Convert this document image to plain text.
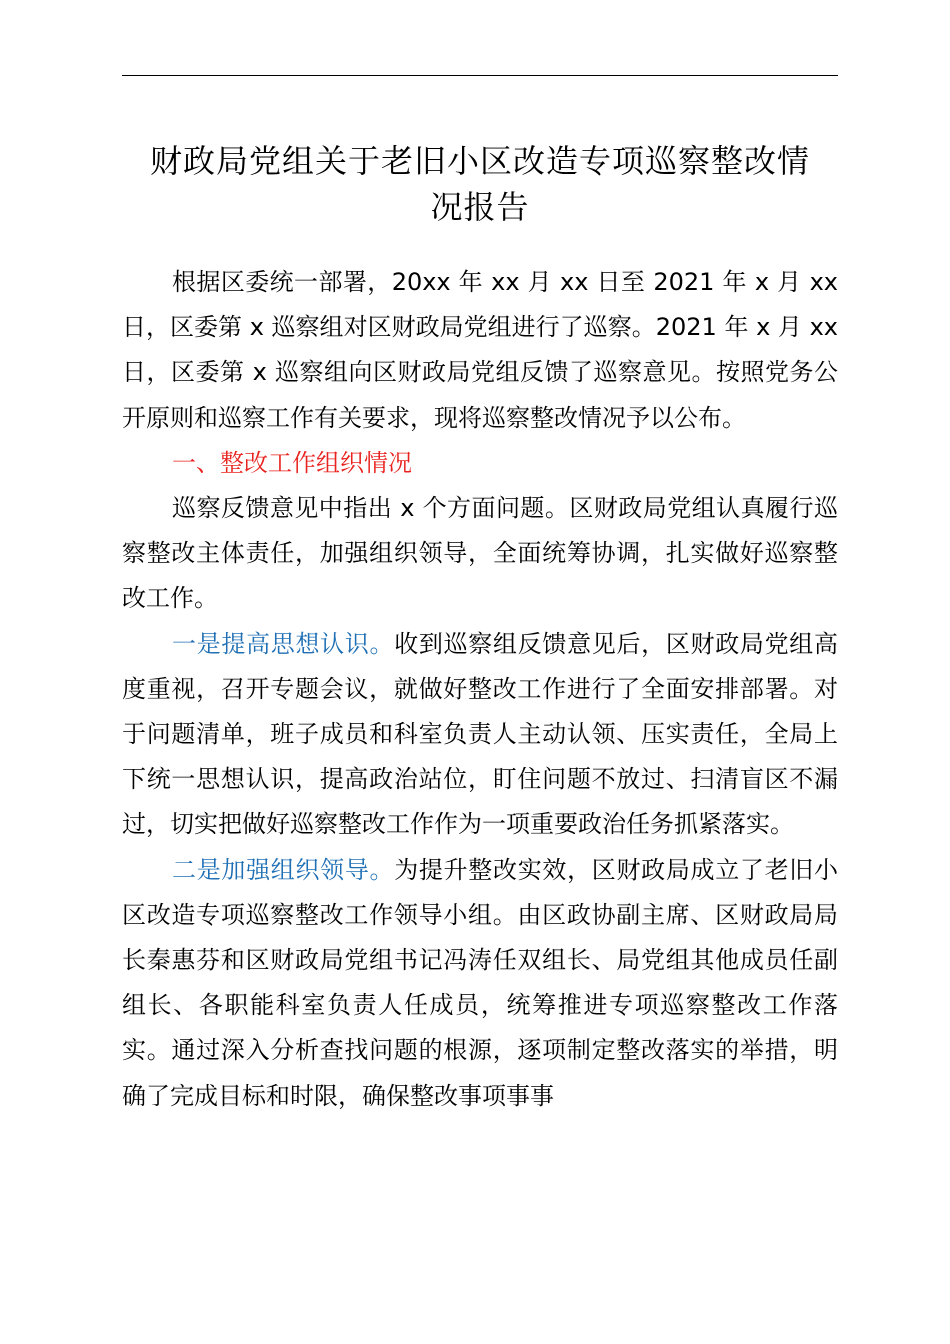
财政局党组关于老旧小区改造专项巡察整改情
况报告

根据区委统一部署，20xx 年 xx 月 xx 日至 2021 年 x 月 xx 日，区委第 x 巡察组对区财政局党组进行了巡察。2021 年 x 月 xx 日，区委第 x 巡察组向区财政局党组反馈了巡察意见。按照党务公开原则和巡察工作有关要求，现将巡察整改情况予以公布。

一、整改工作组织情况

巡察反馈意见中指出 x 个方面问题。区财政局党组认真履行巡察整改主体责任，加强组织领导，全面统筹协调，扎实做好巡察整改工作。

一是提高思想认识。收到巡察组反馈意见后，区财政局党组高度重视，召开专题会议，就做好整改工作进行了全面安排部署。对于问题清单，班子成员和科室负责人主动认领、压实责任，全局上下统一思想认识，提高政治站位，盯住问题不放过、扫清盲区不漏过，切实把做好巡察整改工作作为一项重要政治任务抓紧落实。

二是加强组织领导。为提升整改实效，区财政局成立了老旧小区改造专项巡察整改工作领导小组。由区政协副主席、区财政局局长秦惠芬和区财政局党组书记冯涛任双组长、局党组其他成员任副组长、各职能科室负责人任成员，统筹推进专项巡察整改工作落实。通过深入分析查找问题的根源，逐项制定整改落实的举措，明确了完成目标和时限，确保整改事项事事
